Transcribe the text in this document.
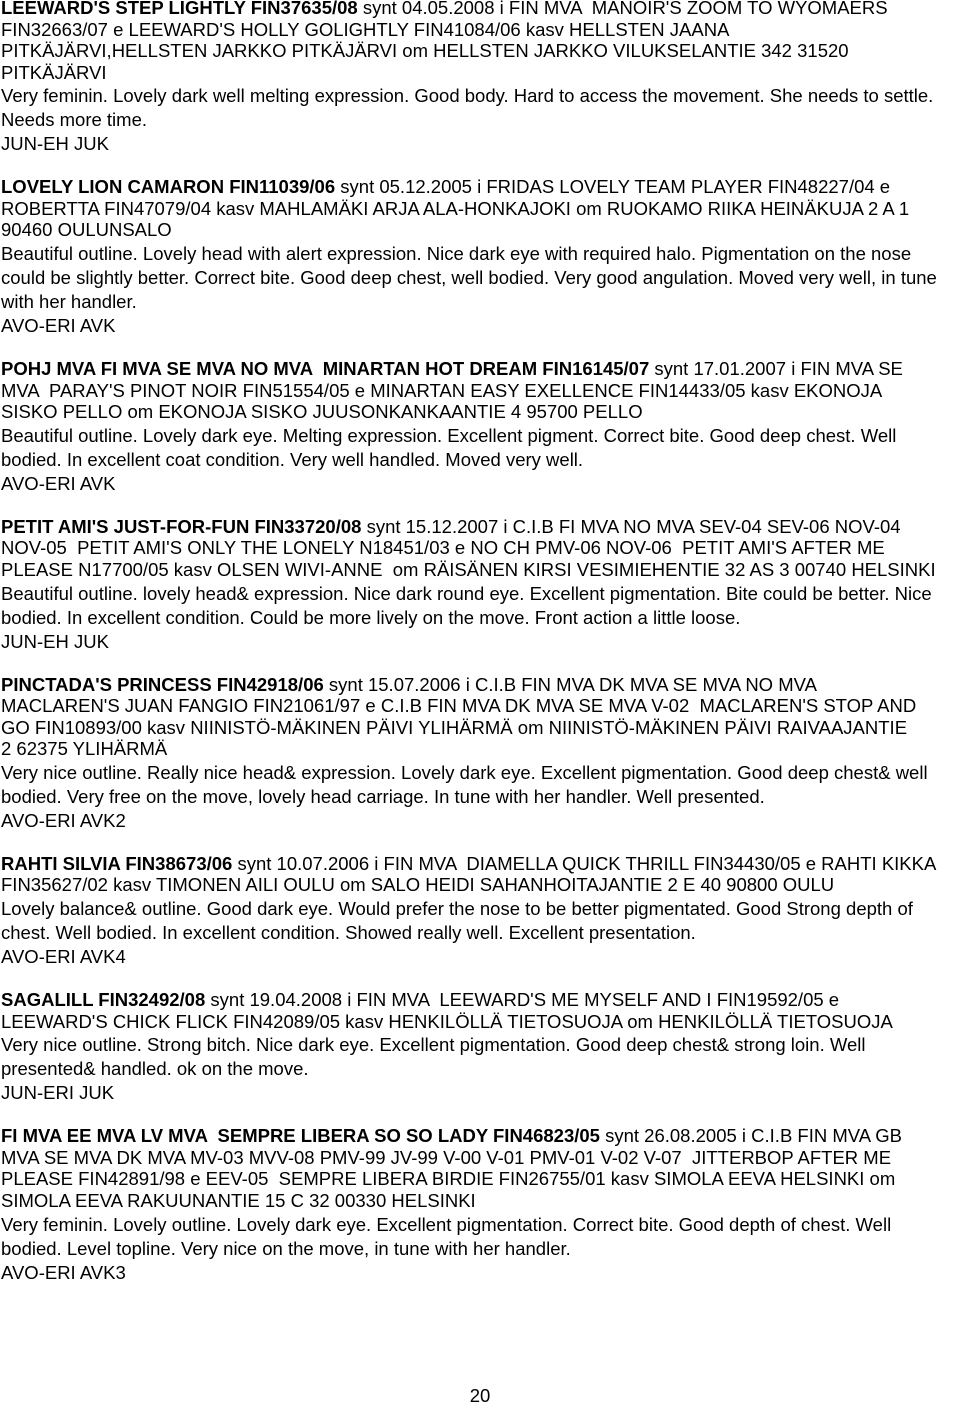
LEEWARD'S STEP LIGHTLY FIN37635/08 synt 04.05.2008 i FIN MVA  MANOIR'S ZOOM TO WYOMAERS
FIN32663/07 e LEEWARD'S HOLLY GOLIGHTLY FIN41084/06 kasv HELLSTEN JAANA
PITKÄJÄRVI,HELLSTEN JARKKO PITKÄJÄRVI om HELLSTEN JARKKO VILUKSELANTIE 342 31520
PITKÄJÄRVI
Very feminin. Lovely dark well melting expression. Good body. Hard to access the movement. She needs to settle.
Needs more time.
JUN-EH JUK
LOVELY LION CAMARON FIN11039/06 synt 05.12.2005 i FRIDAS LOVELY TEAM PLAYER FIN48227/04 e
ROBERTTA FIN47079/04 kasv MAHLAMÄKI ARJA ALA-HONKAJOKI om RUOKAMO RIIKA HEINÄKUJA 2 A 1
90460 OULUNSALO
Beautiful outline. Lovely head with alert expression. Nice dark eye with required halo. Pigmentation on the nose
could be slightly better. Correct bite. Good deep chest, well bodied. Very good angulation. Moved very well, in tune
with her handler.
AVO-ERI AVK
POHJ MVA FI MVA SE MVA NO MVA  MINARTAN HOT DREAM FIN16145/07 synt 17.01.2007 i FIN MVA SE
MVA  PARAY'S PINOT NOIR FIN51554/05 e MINARTAN EASY EXELLENCE FIN14433/05 kasv EKONOJA
SISKO PELLO om EKONOJA SISKO JUUSONKANKAANTIE 4 95700 PELLO
Beautiful outline. Lovely dark eye. Melting expression. Excellent pigment. Correct bite. Good deep chest. Well
bodied. In excellent coat condition. Very well handled. Moved very well.
AVO-ERI AVK
PETIT AMI'S JUST-FOR-FUN FIN33720/08 synt 15.12.2007 i C.I.B FI MVA NO MVA SEV-04 SEV-06 NOV-04
NOV-05  PETIT AMI'S ONLY THE LONELY N18451/03 e NO CH PMV-06 NOV-06  PETIT AMI'S AFTER ME
PLEASE N17700/05 kasv OLSEN WIVI-ANNE  om RÄISÄNEN KIRSI VESIMIEHENTIE 32 AS 3 00740 HELSINKI
Beautiful outline. lovely head& expression. Nice dark round eye. Excellent pigmentation. Bite could be better. Nice
bodied. In excellent condition. Could be more lively on the move. Front action a little loose.
JUN-EH JUK
PINCTADA'S PRINCESS FIN42918/06 synt 15.07.2006 i C.I.B FIN MVA DK MVA SE MVA NO MVA
MACLAREN'S JUAN FANGIO FIN21061/97 e C.I.B FIN MVA DK MVA SE MVA V-02  MACLAREN'S STOP AND
GO FIN10893/00 kasv NIINISTÖ-MÄKINEN PÄIVI YLIHÄRMÄ om NIINISTÖ-MÄKINEN PÄIVI RAIVAAJANTIE
2 62375 YLIHÄRMÄ
Very nice outline. Really nice head& expression. Lovely dark eye. Excellent pigmentation. Good deep chest& well
bodied. Very free on the move, lovely head carriage. In tune with her handler. Well presented.
AVO-ERI AVK2
RAHTI SILVIA FIN38673/06 synt 10.07.2006 i FIN MVA  DIAMELLA QUICK THRILL FIN34430/05 e RAHTI KIKKA
FIN35627/02 kasv TIMONEN AILI OULU om SALO HEIDI SAHANHOITAJANTIE 2 E 40 90800 OULU
Lovely balance& outline. Good dark eye. Would prefer the nose to be better pigmentated. Good Strong depth of
chest. Well bodied. In excellent condition. Showed really well. Excellent presentation.
AVO-ERI AVK4
SAGALILL FIN32492/08 synt 19.04.2008 i FIN MVA  LEEWARD'S ME MYSELF AND I FIN19592/05 e
LEEWARD'S CHICK FLICK FIN42089/05 kasv HENKILÖLLÄ TIETOSUOJA om HENKILÖLLÄ TIETOSUOJA
Very nice outline. Strong bitch. Nice dark eye. Excellent pigmentation. Good deep chest& strong loin. Well
presented& handled. ok on the move.
JUN-ERI JUK
FI MVA EE MVA LV MVA  SEMPRE LIBERA SO SO LADY FIN46823/05 synt 26.08.2005 i C.I.B FIN MVA GB
MVA SE MVA DK MVA MV-03 MVV-08 PMV-99 JV-99 V-00 V-01 PMV-01 V-02 V-07  JITTERBOP AFTER ME
PLEASE FIN42891/98 e EEV-05  SEMPRE LIBERA BIRDIE FIN26755/01 kasv SIMOLA EEVA HELSINKI om
SIMOLA EEVA RAKUUNANTIE 15 C 32 00330 HELSINKI
Very feminin. Lovely outline. Lovely dark eye. Excellent pigmentation. Correct bite. Good depth of chest. Well
bodied. Level topline. Very nice on the move, in tune with her handler.
AVO-ERI AVK3
20
